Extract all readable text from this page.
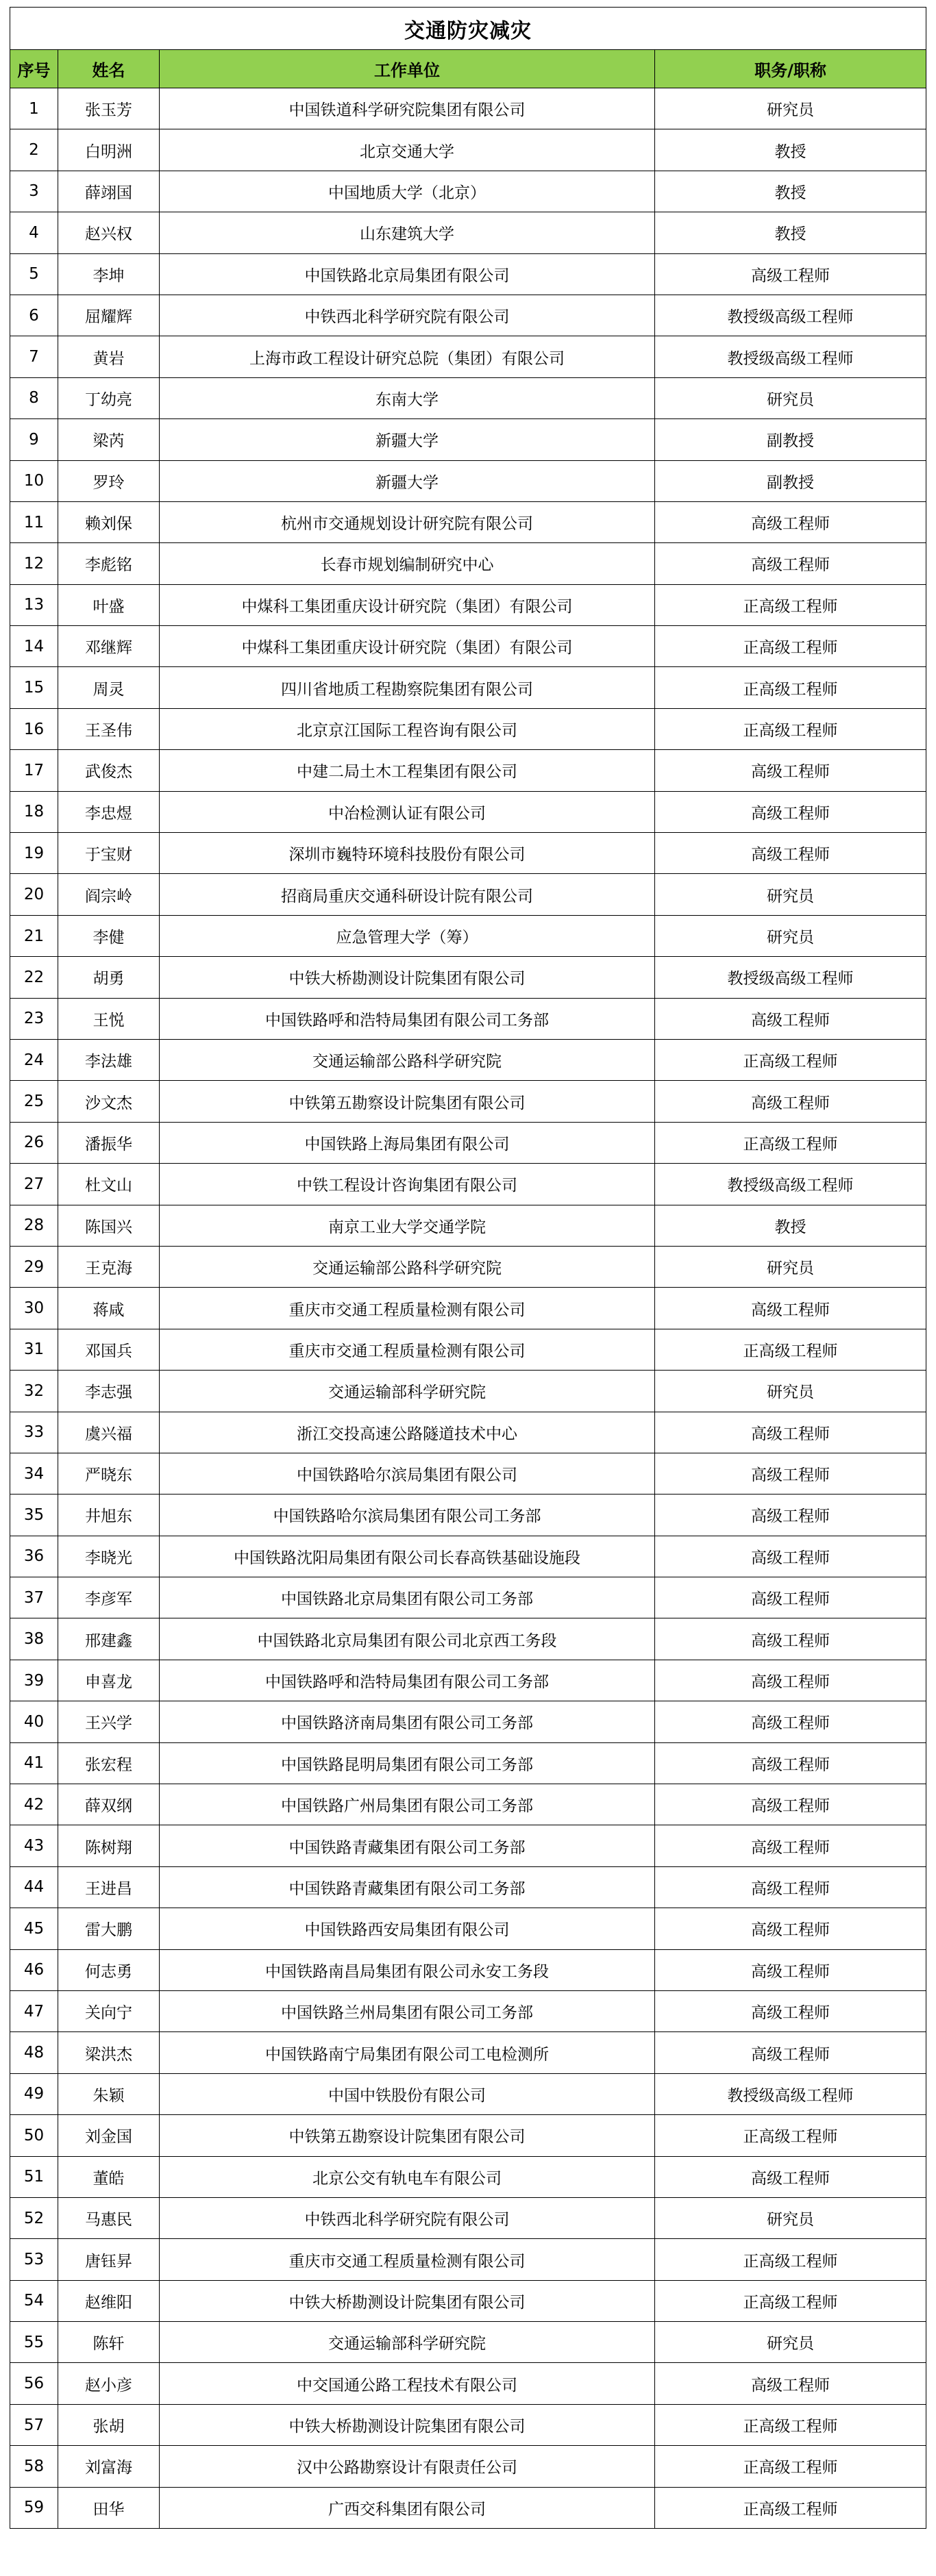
交通防灾减灾			
序号	姓名	工作单位	职务/职称
1	张玉芳	中国铁道科学研究院集团有限公司	研究员
2	白明洲	北京交通大学	教授
3	薛翊国	中国地质大学（北京）	教授
4	赵兴权	山东建筑大学	教授
5	李坤	中国铁路北京局集团有限公司	高级工程师
6	屈耀辉	中铁西北科学研究院有限公司	教授级高级工程师
7	黄岩	上海市政工程设计研究总院（集团）有限公司	教授级高级工程师
8	丁幼亮	东南大学	研究员
9	梁芮	新疆大学	副教授
10	罗玲	新疆大学	副教授
11	赖刘保	杭州市交通规划设计研究院有限公司	高级工程师
12	李彪铭	长春市规划编制研究中心	高级工程师
13	叶盛	中煤科工集团重庆设计研究院（集团）有限公司	正高级工程师
14	邓继辉	中煤科工集团重庆设计研究院（集团）有限公司	正高级工程师
15	周灵	四川省地质工程勘察院集团有限公司	正高级工程师
16	王圣伟	北京京江国际工程咨询有限公司	正高级工程师
17	武俊杰	中建二局土木工程集团有限公司	高级工程师
18	李忠煜	中冶检测认证有限公司	高级工程师
19	于宝财	深圳市巍特环境科技股份有限公司	高级工程师
20	阎宗岭	招商局重庆交通科研设计院有限公司	研究员
21	李健	应急管理大学（筹）	研究员
22	胡勇	中铁大桥勘测设计院集团有限公司	教授级高级工程师
23	王悦	中国铁路呼和浩特局集团有限公司工务部	高级工程师
24	李法雄	交通运输部公路科学研究院	正高级工程师
25	沙文杰	中铁第五勘察设计院集团有限公司	高级工程师
26	潘振华	中国铁路上海局集团有限公司	正高级工程师
27	杜文山	中铁工程设计咨询集团有限公司	教授级高级工程师
28	陈国兴	南京工业大学交通学院	教授
29	王克海	交通运输部公路科学研究院	研究员
30	蒋咸	重庆市交通工程质量检测有限公司	高级工程师
31	邓国兵	重庆市交通工程质量检测有限公司	正高级工程师
32	李志强	交通运输部科学研究院	研究员
33	虞兴福	浙江交投高速公路隧道技术中心	高级工程师
34	严晓东	中国铁路哈尔滨局集团有限公司	高级工程师
35	井旭东	中国铁路哈尔滨局集团有限公司工务部	高级工程师
36	李晓光	中国铁路沈阳局集团有限公司长春高铁基础设施段	高级工程师
37	李彦军	中国铁路北京局集团有限公司工务部	高级工程师
38	邢建鑫	中国铁路北京局集团有限公司北京西工务段	高级工程师
39	申喜龙	中国铁路呼和浩特局集团有限公司工务部	高级工程师
40	王兴学	中国铁路济南局集团有限公司工务部	高级工程师
41	张宏程	中国铁路昆明局集团有限公司工务部	高级工程师
42	薛双纲	中国铁路广州局集团有限公司工务部	高级工程师
43	陈树翔	中国铁路青藏集团有限公司工务部	高级工程师
44	王进昌	中国铁路青藏集团有限公司工务部	高级工程师
45	雷大鹏	中国铁路西安局集团有限公司	高级工程师
46	何志勇	中国铁路南昌局集团有限公司永安工务段	高级工程师
47	关向宁	中国铁路兰州局集团有限公司工务部	高级工程师
48	梁洪杰	中国铁路南宁局集团有限公司工电检测所	高级工程师
49	朱颖	中国中铁股份有限公司	教授级高级工程师
50	刘金国	中铁第五勘察设计院集团有限公司	正高级工程师
51	董皓	北京公交有轨电车有限公司	高级工程师
52	马惠民	中铁西北科学研究院有限公司	研究员
53	唐钰昇	重庆市交通工程质量检测有限公司	正高级工程师
54	赵维阳	中铁大桥勘测设计院集团有限公司	正高级工程师
55	陈轩	交通运输部科学研究院	研究员
56	赵小彦	中交国通公路工程技术有限公司	高级工程师
57	张胡	中铁大桥勘测设计院集团有限公司	正高级工程师
58	刘富海	汉中公路勘察设计有限责任公司	正高级工程师
59	田华	广西交科集团有限公司	正高级工程师
